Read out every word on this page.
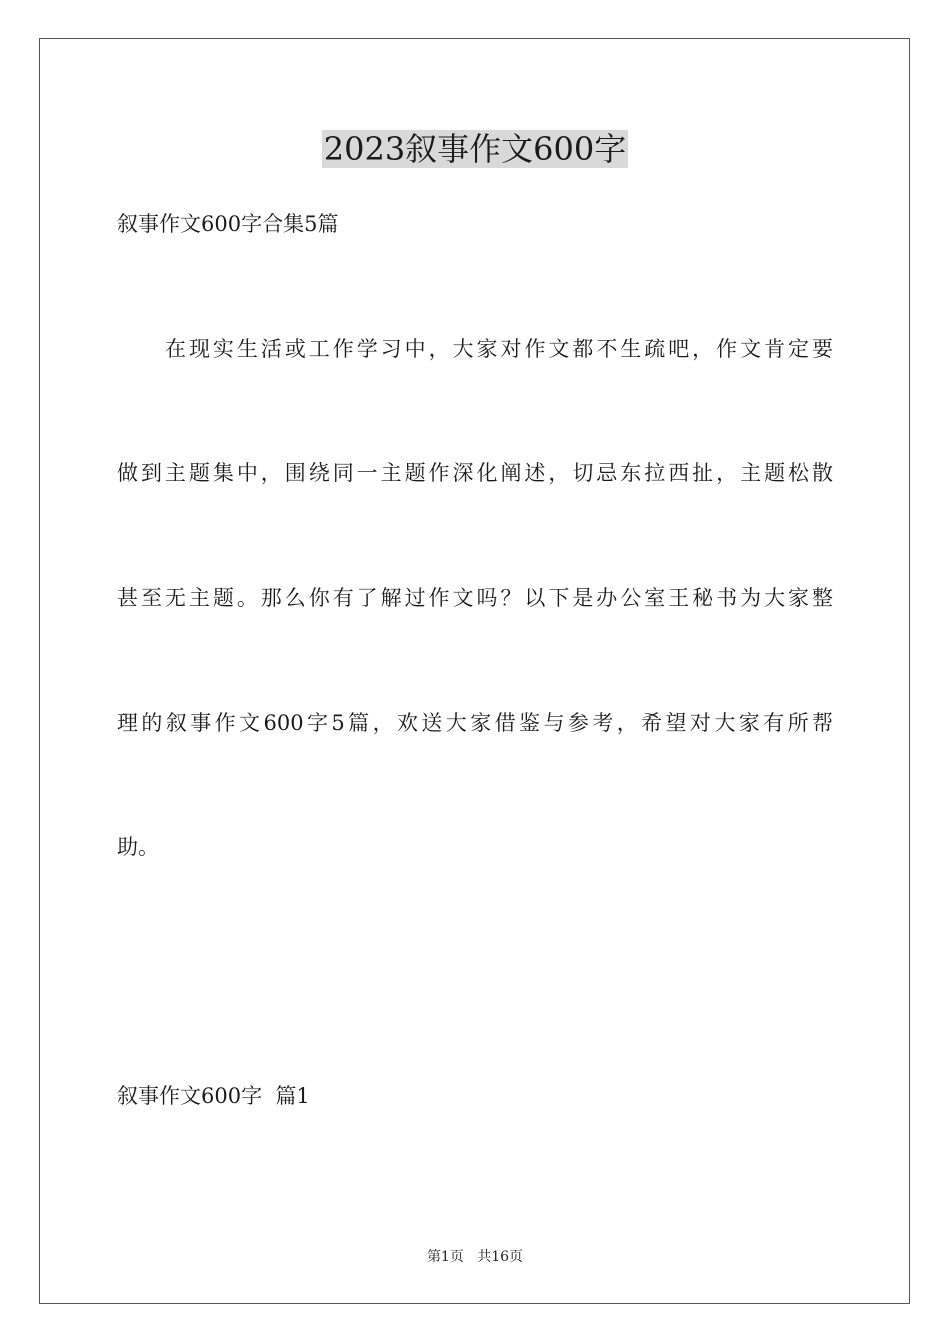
2023叙事作文600字

叙事作文600字合集5篇

在现实生活或工作学习中，大家对作文都不生疏吧，作文肯定要

做到主题集中，围绕同一主题作深化阐述，切忌东拉西扯，主题松散

甚至无主题。那么你有了解过作文吗？以下是办公室王秘书为大家整

理的叙事作文600字5篇，欢送大家借鉴与参考，希望对大家有所帮

助。

叙事作文600字  篇1

第1页 共16页
